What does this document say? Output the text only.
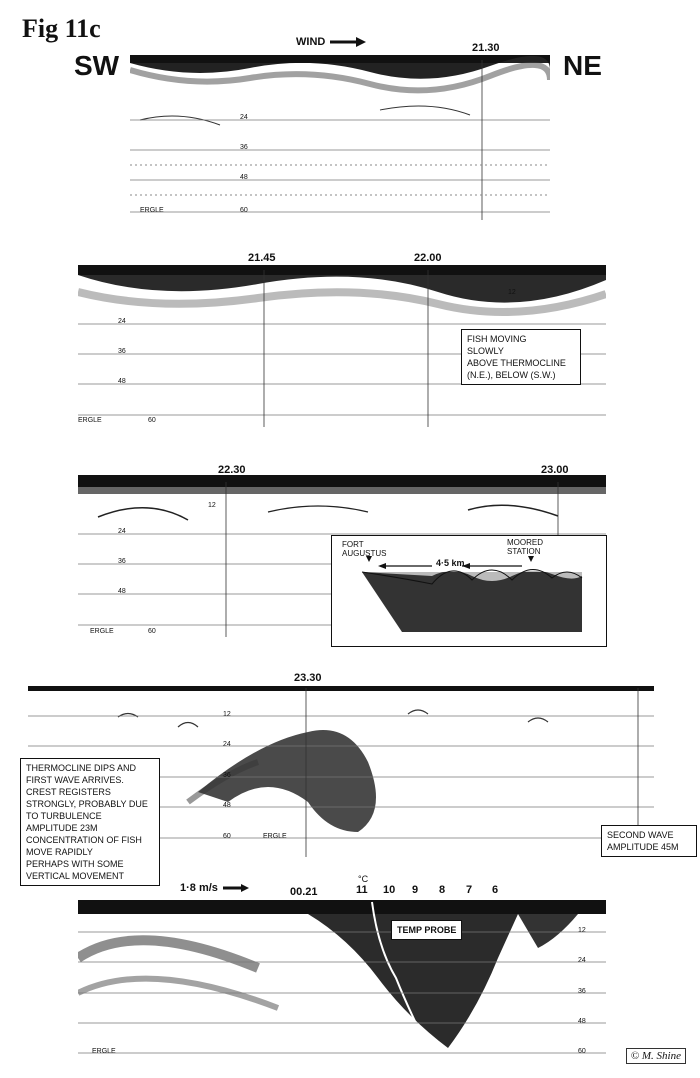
Fig 11c
SW	NE
WIND	21.30
24
36
48
60
ERGLE
21.45	22.00
12
24
36
48
60
ERGLE
FISH MOVING
SLOWLY
ABOVE THERMOCLINE
(N.E.), BELOW (S.W.)
22.30	23.00
12
24
36
48
60
ERGLE
FORT
AUGUSTUS
MOORED
STATION
4·5 km
23.30
12
24
36
48
60	ERGLE
THERMOCLINE DIPS AND
FIRST WAVE ARRIVES.
CREST REGISTERS
STRONGLY, PROBABLY DUE
TO TURBULENCE
AMPLITUDE 23M
CONCENTRATION OF FISH
MOVE RAPIDLY
PERHAPS WITH SOME
VERTICAL MOVEMENT
SECOND WAVE
AMPLITUDE 45M
1·8 m/s	00.21
°C
11 10 9 8 7 6
TEMP PROBE	12
24
36
48
60
ERGLE	© M. Shine
